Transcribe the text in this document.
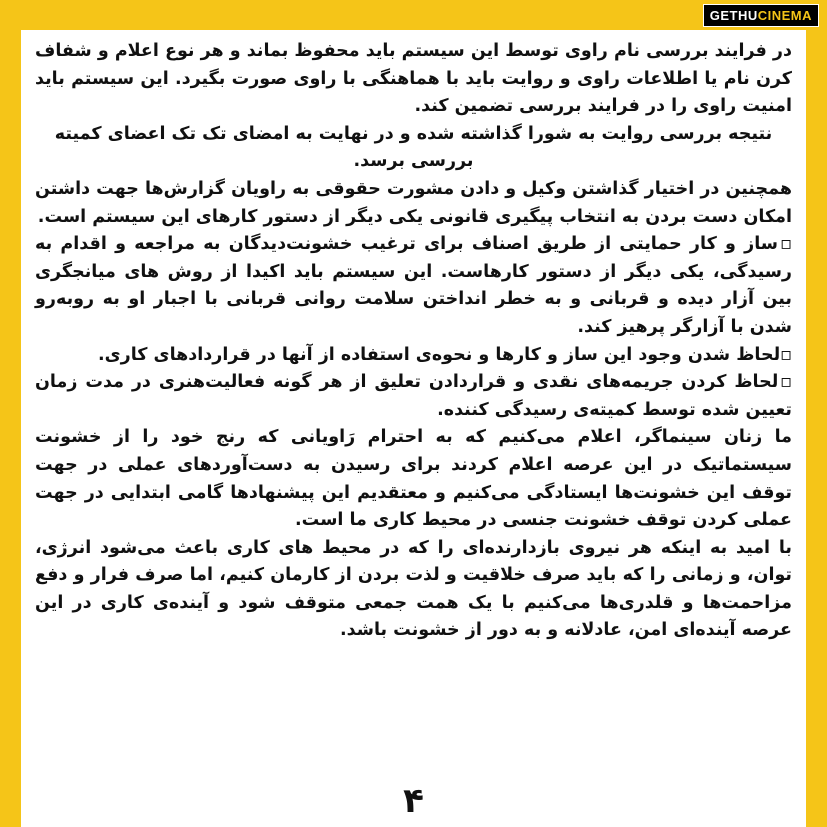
GETHUCINEMA

در فرایند بررسی نام راوی توسط این سیستم باید محفوظ بماند و هر نوع اعلام و شفاف کرن نام یا اطلاعات راوی و روایت باید با هماهنگی با راوی صورت بگیرد. این سیستم باید امنیت راوی را در فرایند بررسی تضمین کند.

نتیجه بررسی روایت به شورا گذاشته شده و در نهایت به امضای تک تک اعضای کمیته بررسی برسد.

همچنین در اختیار گذاشتن وکیل و دادن مشورت حقوقی به راویان گزارش‌ها جهت داشتن امکان دست بردن به انتخاب پیگیری قانونی یکی دیگر از دستور کارهای این سیستم است.

▫ساز و کار حمایتی از طریق اصناف برای ترغیب خشونت‌دیدگان به مراجعه و اقدام به رسیدگی، یکی دیگر از دستور کارهاست. این سیستم باید اکیدا از روش های میانجگری بین آزار دیده و قربانی و به خطر انداختن سلامت روانی قربانی با اجبار او به روبه‌رو شدن با آزارگر پرهیز کند.

▫لحاظ شدن وجود این ساز و کارها و نحوه‌ی استفاده از آنها در قراردادهای کاری.

▫لحاظ کردن جریمه‌های نقدی و قراردادن تعلیق از هر گونه فعالیت‌هنری در مدت زمان تعیین شده توسط کمیته‌ی رسیدگی کننده.

ما زنان سینماگر، اعلام می‌کنیم که به احترام رَاویانی که رنج خود را از خشونت سیستماتیک در این عرصه اعلام کردند برای رسیدن به دست‌آوردهای عملی در جهت توقف این خشونت‌ها ایستادگی می‌کنیم و معتقدیم این پیشنهادها گامی ابتدایی در جهت عملی کردن توقف خشونت جنسی در محیط کاری ما است.

با امید به اینکه هر نیروی بازدارنده‌ای را که در محیط های کاری باعث می‌شود انرژی، توان، و زمانی را که باید صرف خلاقیت و لذت بردن از کارمان کنیم، اما صرف فرار و دفع مزاحمت‌ها و قلدری‌ها می‌کنیم با یک همت جمعی متوقف شود و آینده‌ی کاری در این عرصه آینده‌ای امن، عادلانه و به دور از خشونت باشد.

۴
